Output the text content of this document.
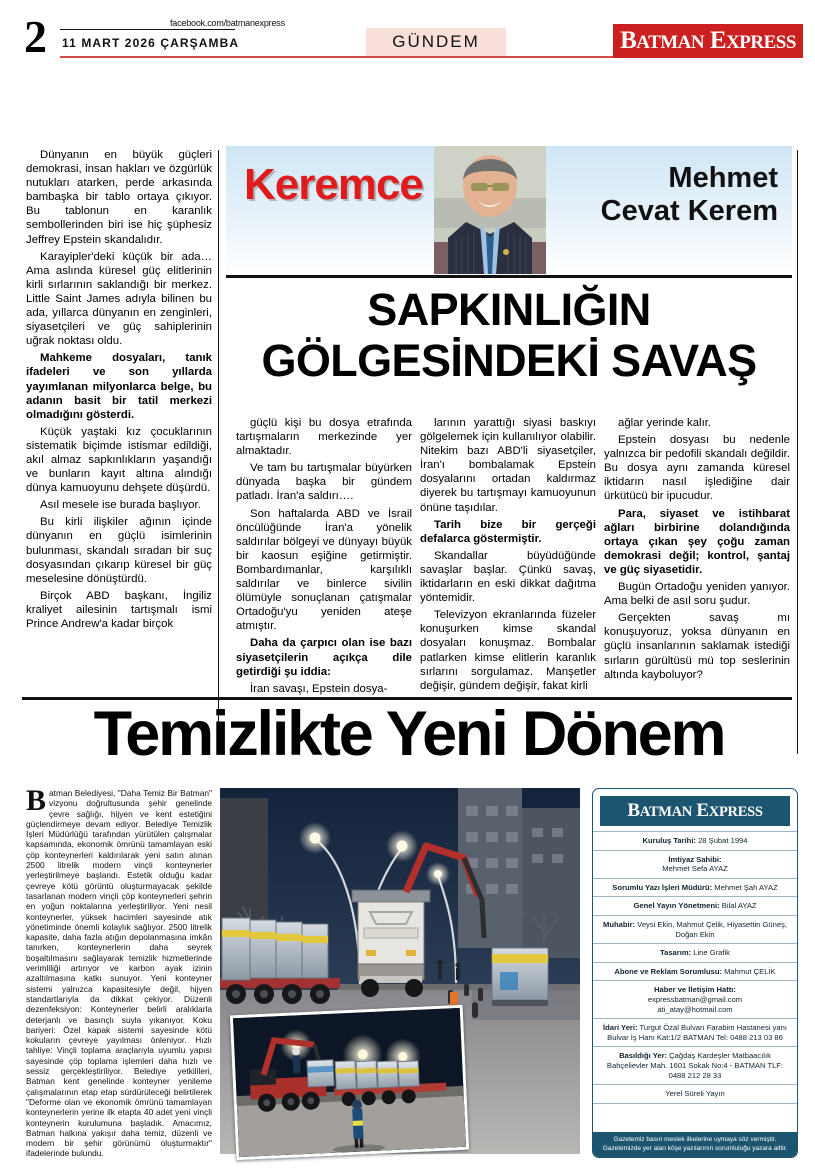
2	facebook.com/batmanexpress
11 MART 2026 ÇARŞAMBA	GÜNDEM	BATMAN EXPRESS
Keremce	Mehmet
Cevat Kerem
SAPKINLIĞIN
GÖLGESİNDEKİ SAVAŞ

Dünyanın en büyük güçleri demokrasi, insan hakları ve özgürlük nutukları atarken, perde arkasında bambaşka bir tablo ortaya çıkıyor. Bu tablonun en karanlık sembollerinden biri ise hiç şüphesiz Jeffrey Epstein skandalıdır.

Karayipler'deki küçük bir ada… Ama aslında küresel güç elitlerinin kirli sırlarının saklandığı bir merkez. Little Saint James adıyla bilinen bu ada, yıllarca dünyanın en zenginleri, siyasetçileri ve güç sahiplerinin uğrak noktası oldu.

Mahkeme dosyaları, tanık ifadeleri ve son yıllarda yayımlanan milyonlarca belge, bu adanın basit bir tatil merkezi olmadığını gösterdi.

Küçük yaştaki kız çocuklarının sistematik biçimde istismar edildiği, akıl almaz sapkınlıkların yaşandığı ve bunların kayıt altına alındığı dünya kamuoyunu dehşete düşürdü.

Asıl mesele ise burada başlıyor.

Bu kirli ilişkiler ağının içinde dünyanın en güçlü isimlerinin bulunması, skandalı sıradan bir suç dosyasından çıkarıp küresel bir güç meselesine dönüştürdü.

Birçok ABD başkanı, İngiliz kraliyet ailesinin tartışmalı ismi Prince Andrew'a kadar birçok

güçlü kişi bu dosya etrafında tartışmaların merkezinde yer almaktadır.

Ve tam bu tartışmalar büyürken dünyada başka bir gündem patladı. İran'a saldırı….

Son haftalarda ABD ve İsrail öncülüğünde İran'a yönelik saldırılar bölgeyi ve dünyayı büyük bir kaosun eşiğine getirmiştir. Bombardımanlar, karşılıklı saldırılar ve binlerce sivilin ölümüyle sonuçlanan çatışmalar Ortadoğu'yu yeniden ateşe atmıştır.

Daha da çarpıcı olan ise bazı siyasetçilerin açıkça dile getirdiği şu iddia:

İran savaşı, Epstein dosya-

larının yarattığı siyasi baskıyı gölgelemek için kullanılıyor olabilir. Nitekim bazı ABD'li siyasetçiler, İran'ı bombalamak Epstein dosyalarını ortadan kaldırmaz diyerek bu tartışmayı kamuoyunun önüne taşıdılar.

Tarih bize bir gerçeği defalarca göstermiştir.

Skandallar büyüdüğünde savaşlar başlar. Çünkü savaş, iktidarların en eski dikkat dağıtma yöntemidir.

Televizyon ekranlarında füzeler konuşurken kimse skandal dosyaları konuşmaz. Bombalar patlarken kimse elitlerin karanlık sırlarını sorgulamaz. Manşetler değişir, gündem değişir, fakat kirli

ağlar yerinde kalır.

Epstein dosyası bu nedenle yalnızca bir pedofili skandalı değildir. Bu dosya aynı zamanda küresel iktidarın nasıl işlediğine dair ürkütücü bir ipucudur.

Para, siyaset ve istihbarat ağları birbirine dolandığında ortaya çıkan şey çoğu zaman demokrasi değil; kontrol, şantaj ve güç siyasetidir.

Bugün Ortadoğu yeniden yanıyor. Ama belki de asıl soru şudur.

Gerçekten savaş mı konuşuyoruz, yoksa dünyanın en güçlü insanlarının saklamak istediği sırların gürültüsü mü top seslerinin altında kayboluyor?

Temizlikte Yeni Dönem
Batman Belediyesi, "Daha Temiz Bir Batman" vizyonu doğrultusunda şehir genelinde çevre sağlığı, hijyen ve kent estetiğini güçlendirmeye devam ediyor. Belediye Temizlik İşleri Müdürlüğü tarafından yürütülen çalışmalar kapsamında, ekonomik ömrünü tamamlayan eski çöp konteynerleri kaldırılarak yeni satın alınan 2500 litrelik modern vinçli konteynerler yerleştirilmeye başlandı. Estetik olduğu kadar çevreye kötü görüntü oluşturmayacak şekilde tasarlanan modern vinçli çöp konteynerleri şehrin en yoğun noktalarına yerleştiriliyor. Yeni nesil konteynerler, yüksek hacimleri sayesinde atık yönetiminde önemli kolaylık sağlıyor. 2500 litrelik kapasite, daha fazla atığın depolanmasına imkân tanırken, konteynerlerin daha seyrek boşaltılmasını sağlayarak temizlik hizmetlerinde verimliliği artırıyor ve karbon ayak izinin azaltılmasına katkı sunuyor. Yeni konteyner sistemi yalnızca kapasitesiyle değil, hijyen standartlarıyla da dikkat çekiyor. Düzenli dezenfeksiyon: Konteynerler belirli aralıklarla deterjanlı ve basınçlı suyla yıkanıyor. Koku bariyeri: Özel kapak sistemi sayesinde kötü kokuların çevreye yayılması önleniyor. Hızlı tahliye: Vinçli toplama araçlarıyla uyumlu yapısı sayesinde çöp toplama işlemleri daha hızlı ve sessiz gerçekleştiriliyor. Belediye yetkilileri, Batman kent genelinde konteyner yenileme çalışmalarının etap etap sürdürüleceği belirtilerek "Deforme olan ve ekonomik ömrünü tamamlayan konteynerlerin yerine ilk etapta 40 adet yeni vinçli konteynerin kurulumuna başladık. Amacımız, Batman halkına yakışır daha temiz, düzenli ve modern bir şehir görünümü oluşturmaktır" ifadelerinde bulundu.
BATMAN EXPRESS
Kuruluş Tarihi: 28 Şubat 1994
İmtiyaz Sahibi:
Mehmet Sefa AYAZ
Sorumlu Yazı İşleri Müdürü: Mehmet Şah AYAZ
Genel Yayın Yönetmeni: Bilal AYAZ
Muhabir: Veysi Ekin, Mahmut Çelik, Hiyasettin Güneş, Doğan Ekin
Tasarım: Line Grafik
Abone ve Reklam Sorumlusu: Mahmut ÇELİK
Haber ve İletişim Hattı:
expressbatman@gmail.com
ati_atay@hotmail.com
İdari Yeri: Turgut Özal Bulvarı Farabim Hastanesi yanı Bulvar İş Hanı Kat:1/2 BATMAN Tel: 0488 213 03 86
Basıldığı Yer: Çağdaş Kardeşler Matbaacılık Bahçelievler Mah. 1601 Sokak No:4 - BATMAN TLF: 0488 212 28 33
Yerel Süreli Yayın
Gazetemiz basın meslek ilkelerine uymaya söz vermiştir.
Gazetemizde yer alan köşe yazılarının sorumluluğu yazara aittir.
